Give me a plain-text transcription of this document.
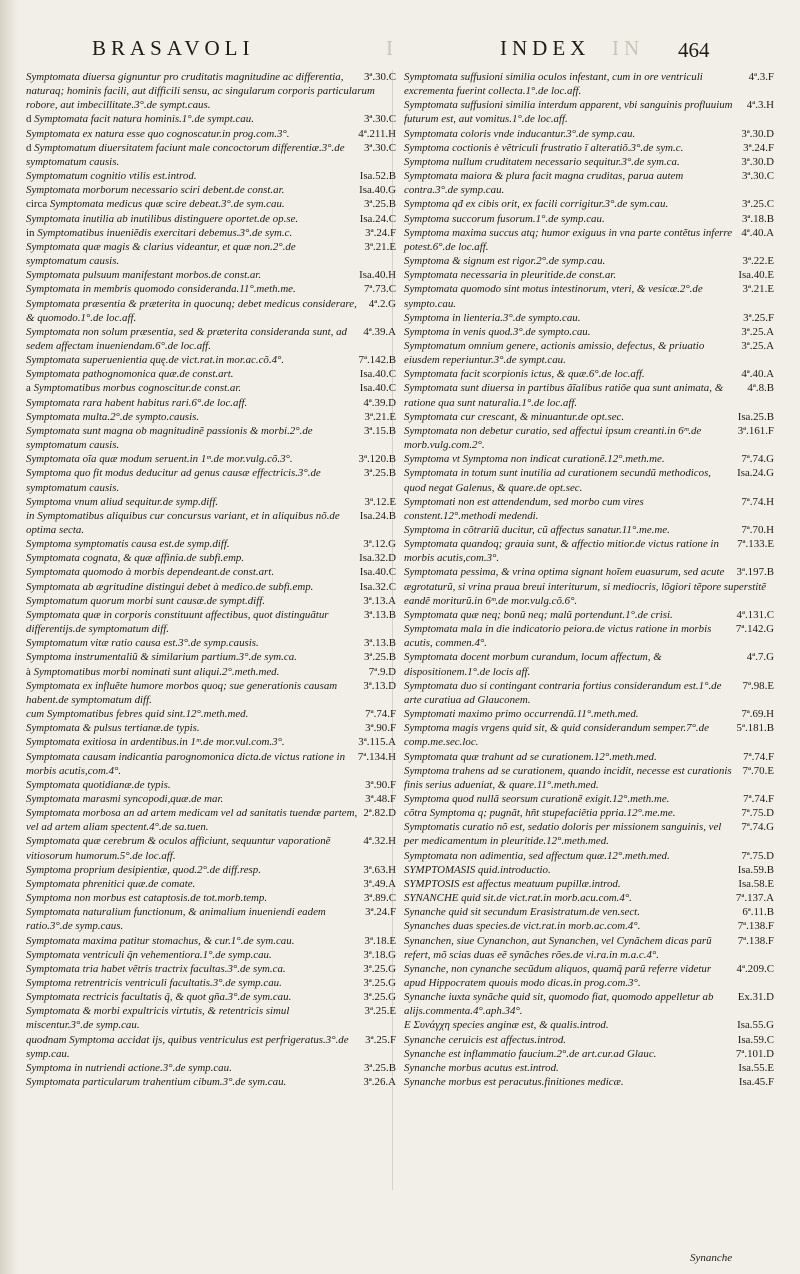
BRASAVOLI	I	INDEX IN 464
3ª.30.C
Symptomata diuersa gignuntur pro cruditatis magnitudine ac differentia, naturaq; hominis facili, aut difficili sensu, ac singularum corporis particularum robore, aut imbecillitate.3°.de sympt.caus.
3ª.30.C
d Symptomata facit natura hominis.1°.de sympt.cau.
4ª.211.H
Symptomata ex natura esse quo cognoscatur.in prog.com.3°.
3ª.30.C
d Symptomatum diuersitatem faciunt male concoctorum differentiæ.3°.de symptomatum causis.
Isa.52.B
Symptomatum cognitio vtilis est.introd.
Isa.40.G
Symptomata morborum necessario sciri debent.de const.ar.
3ª.25.B
circa Symptomata medicus quæ scire debeat.3°.de sym.cau.
Isa.24.C
Symptomata inutilia ab inutilibus distinguere oportet.de op.se.
3ª.24.F
in Symptomatibus inueniẽdis exercitari debemus.3°.de sym.c.
3ª.21.E
Symptomata quæ magis & clarius videantur, et quæ non.2°.de symptomatum causis.
Isa.40.H
Symptomata pulsuum manifestant morbos.de const.ar.
7ª.73.C
Symptomata in membris quomodo consideranda.11°.meth.me.
4ª.2.G
Symptomata præsentia & præterita in quocunq; debet medicus considerare, & quomodo.1°.de loc.aff.
4ª.39.A
Symptomata non solum præsentia, sed & præterita consideranda sunt, ad sedem affectam inueniendam.6°.de loc.aff.
7ª.142.B
Symptomata superuenientia quę.de vict.rat.in mor.ac.cõ.4°.
Isa.40.C
Symptomata pathognomonica quæ.de const.art.
Isa.40.C
a Symptomatibus morbus cognoscitur.de const.ar.
4ª.39.D
Symptomata rara habent habitus rari.6°.de loc.aff.
3ª.21.E
Symptomata multa.2°.de sympto.causis.
3ª.15.B
Symptomata sunt magna ob magnitudinẽ passionis & morbi.2°.de symptomatum causis.
3ª.120.B
Symptomata oĩa quæ modum seruent.in 1ᵐ.de mor.vulg.cõ.3°.
3ª.25.B
Symptoma quo fit modus deducitur ad genus causæ effectricis.3°.de symptomatum causis.
3ª.12.E
Symptoma vnum aliud sequitur.de symp.diff.
Isa.24.B
in Symptomatibus aliquibus cur concursus variant, et in aliquibus nõ.de optima secta.
3ª.12.G
Symptoma symptomatis causa est.de symp.diff.
Isa.32.D
Symptomata cognata, & quæ affinia.de subfi.emp.
Isa.40.C
Symptomata quomodo à morbis dependeant.de const.art.
Isa.32.C
Symptomata ab ægritudine distingui debet à medico.de subfi.emp.
3ª.13.A
Symptomatum quorum morbi sunt causæ.de sympt.diff.
3ª.13.B
Symptomata quæ in corporis constituunt affectibus, quot distinguãtur differentijs.de symptomatum diff.
3ª.13.B
Symptomatum vitæ ratio causa est.3°.de symp.causis.
3ª.25.B
Symptoma instrumentaliũ & similarium partium.3°.de sym.ca.
7ª.9.D
à Symptomatibus morbi nominati sunt aliqui.2°.meth.med.
3ª.13.D
Symptomata ex influẽte humore morbos quoq; sue generationis causam habent.de symptomatum diff.
7ª.74.F
cum Symptomatibus febres quid sint.12°.meth.med.
3ª.90.F
Symptomata & pulsus tertianæ.de typis.
3ª.115.A
Symptomata exitiosa in ardentibus.in 1ᵐ.de mor.vul.com.3°.
7ª.134.H
Symptomata causam indicantia parognomonica dicta.de victus ratione in morbis acutis,com.4°.
3ª.90.F
Symptomata quotidianæ.de typis.
3ª.48.F
Symptomata marasmi syncopodi,quæ.de mar.
2ª.82.D
Symptomata morbosa an ad artem medicam vel ad sanitatis tuendæ partem, vel ad artem aliam spectent.4°.de sa.tuen.
4ª.32.H
Symptomata quæ cerebrum & oculos afficiunt, sequuntur vaporationẽ vitiosorum humorum.5°.de loc.aff.
3ª.63.H
Symptoma proprium desipientiæ, quod.2°.de diff.resp.
3ª.49.A
Symptomata phrenitici quæ.de comate.
3ª.89.C
Symptoma non morbus est cataptosis.de tot.morb.temp.
3ª.24.F
Symptomata naturalium functionum, & animalium inueniendi eadem ratio.3°.de symp.caus.
3ª.18.E
Symptomata maxima patitur stomachus, & cur.1°.de sym.cau.
3ª.18.G
Symptomata ventriculi q̃n vehementiora.1°.de symp.cau.
3ª.25.G
Symptomata tria habet vẽtris tractrix facultas.3°.de sym.ca.
3ª.25.G
Symptoma retrentricis ventriculi facultatis.3°.de symp.cau.
3ª.25.G
Symptomata rectricis facultatis q̃, & quot gña.3°.de sym.cau.
3ª.25.E
Symptomata & morbi expultricis virtutis, & retentricis simul miscentur.3°.de symp.cau.
3ª.25.F
quodnam Symptoma accidat ijs, quibus ventriculus est perfrigeratus.3°.de symp.cau.
3ª.25.B
Symptoma in nutriendi actione.3°.de symp.cau.
3ª.26.A
Symptomata particularum trahentium cibum.3°.de sym.cau.
4ª.3.F
Symptomata suffusioni similia oculos infestant, cum in ore ventriculi excrementa fuerint collecta.1°.de loc.aff.
4ª.3.H
Symptomata suffusioni similia interdum apparent, vbi sanguinis profluuium futurum est, aut vomitus.1°.de loc.aff.
3ª.30.D
Symptomata coloris vnde inducantur.3°.de symp.cau.
3ª.24.F
Symptoma coctionis è vẽtriculi frustratio ĩ alteratiõ.3°.de sym.c.
3ª.30.D
Symptoma nullum cruditatem necessario sequitur.3°.de sym.ca.
3ª.30.C
Symptomata maiora & plura facit magna cruditas, parua autem contra.3°.de symp.cau.
3ª.25.C
Symptoma qđ ex cibis orit, ex facili corrigitur.3°.de sym.cau.
3ª.18.B
Symptoma succorum fusorum.1°.de symp.cau.
4ª.40.A
Symptoma maxima succus atq; humor exiguus in vna parte contẽtus inferre potest.6°.de loc.aff.
3ª.22.E
Symptoma & signum est rigor.2°.de symp.cau.
Isa.40.E
Symptomata necessaria in pleuritide.de const.ar.
3ª.21.E
Symptomata quomodo sint motus intestinorum, vteri, & vesicæ.2°.de sympto.cau.
3ª.25.F
Symptoma in lienteria.3°.de sympto.cau.
3ª.25.A
Symptoma in venis quod.3°.de sympto.cau.
3ª.25.A
Symptomatum omnium genere, actionis amissio, defectus, & priuatio eiusdem reperiuntur.3°.de sympt.cau.
4ª.40.A
Symptomata facit scorpionis ictus, & quæ.6°.de loc.aff.
4ª.8.B
Symptomata sunt diuersa in partibus ãĩalibus ratiõe qua sunt animata, & ratione qua sunt naturalia.1°.de loc.aff.
Isa.25.B
Symptomata cur crescant, & minuantur.de opt.sec.
3ª.161.F
Symptomata non debetur curatio, sed affectui ipsum creanti.in 6ᵐ.de morb.vulg.com.2°.
7ª.74.G
Symptoma vt Symptoma non indicat curationẽ.12°.meth.me.
Isa.24.G
Symptomata in totum sunt inutilia ad curationem secundũ methodicos, quod negat Galenus, & quare.de opt.sec.
7ª.74.H
Symptomati non est attendendum, sed morbo cum vires constent.12°.methodi medendi.
7ª.70.H
Symptoma in cõtrariũ ducitur, cũ affectus sanatur.11°.me.me.
7ª.133.E
Symptomata quandoq; grauia sunt, & affectio mitior.de victus ratione in morbis acutis,com.3°.
3ª.197.B
Symptomata pessima, & vrina optima signant hoĩem euasurum, sed acute ægrotaturũ, si vrina praua breui interiturum, si mediocris, lõgiori tẽpore superstitẽ eandẽ moriturũ.in 6ᵐ.de mor.vulg.cõ.6°.
4ª.131.C
Symptomata quæ neq; bonũ neq; malũ portendunt.1°.de crisi.
7ª.142.G
Symptomata mala in die indicatorio peiora.de victus ratione in morbis acutis, commen.4°.
4ª.7.G
Symptomata docent morbum curandum, locum affectum, & dispositionem.1°.de locis aff.
7ª.98.E
Symptomata duo si contingant contraria fortius considerandum est.1°.de arte curatiua ad Glauconem.
7ª.69.H
Symptomati maximo primo occurrendũ.11°.meth.med.
5ª.181.B
Symptoma magis vrgens quid sit, & quid considerandum semper.7°.de comp.me.sec.loc.
7ª.74.F
Symptomata quæ trahunt ad se curationem.12°.meth.med.
7ª.70.E
Symptoma trahens ad se curationem, quando incidit, necesse est curationis finis serius adueniat, & quare.11°.meth.med.
7ª.74.F
Symptoma quod nullã seorsum curationẽ exigit.12°.meth.me.
7ª.75.D
cõtra Symptoma q; pugnãt, hñt stupefaciẽtia ppria.12°.me.me.
7ª.74.G
Symptomatis curatio nõ est, sedatio doloris per missionem sanguinis, vel per medicamentum in pleuritide.12°.meth.med.
7ª.75.D
Symptomata non adimentia, sed affectum quæ.12°.meth.med.
Isa.59.B
SYMPTOMASIS quid.introductio.
Isa.58.E
SYMPTOSIS est affectus meatuum pupillæ.introd.
7ª.137.A
SYNANCHE quid sit.de vict.rat.in morb.acu.com.4°.
6ª.11.B
Synanche quid sit secundum Erasistratum.de ven.sect.
7ª.138.F
Synanches duas species.de vict.rat.in morb.ac.com.4°.
7ª.138.F
Synanchen, siue Cynanchon, aut Synanchen, vel Cynãchem dicas parũ refert, mõ scias duas eẽ synãches rões.de vi.ra.in m.a.c.4°.
4ª.209.C
Synanche, non cynanche secũdum aliquos, quamq̃ parũ referre videtur apud Hippocratem quouis modo dicas.in prog.com.3°.
Ex.31.D
Synanche iuxta synãche quid sit, quomodo fiat, quomodo appelletur ab alijs.commenta.4°.aph.34°.
Isa.55.G
Ε Συνάγχη species anginæ est, & qualis.introd.
Isa.59.C
Synanche ceruicis est affectus.introd.
7ª.101.D
Synanche est inflammatio faucium.2°.de art.cur.ad Glauc.
Isa.55.E
Synanche morbus acutus est.introd.
Isa.45.F
Synanche morbus est peracutus.finitiones medicæ.
Synanche
